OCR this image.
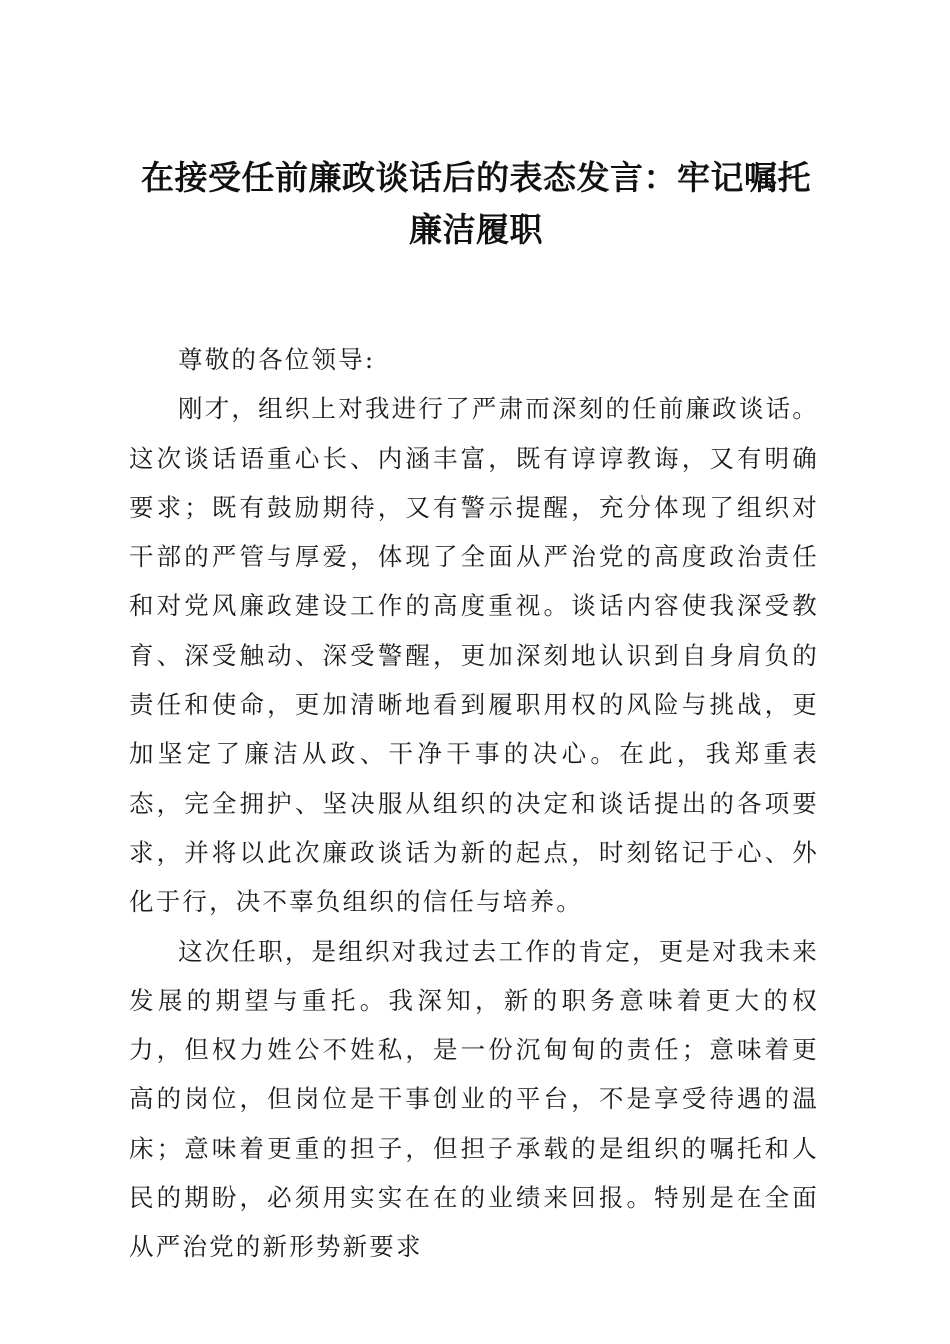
在接受任前廉政谈话后的表态发言：牢记嘱托
廉洁履职

尊敬的各位领导:

刚才，组织上对我进行了严肃而深刻的任前廉政谈话。这次谈话语重心长、内涵丰富，既有谆谆教诲，又有明确要求；既有鼓励期待，又有警示提醒，充分体现了组织对干部的严管与厚爱，体现了全面从严治党的高度政治责任和对党风廉政建设工作的高度重视。谈话内容使我深受教育、深受触动、深受警醒，更加深刻地认识到自身肩负的责任和使命，更加清晰地看到履职用权的风险与挑战，更加坚定了廉洁从政、干净干事的决心。在此，我郑重表态，完全拥护、坚决服从组织的决定和谈话提出的各项要求，并将以此次廉政谈话为新的起点，时刻铭记于心、外化于行，决不辜负组织的信任与培养。

这次任职，是组织对我过去工作的肯定，更是对我未来发展的期望与重托。我深知，新的职务意味着更大的权力，但权力姓公不姓私，是一份沉甸甸的责任；意味着更高的岗位，但岗位是干事创业的平台，不是享受待遇的温床；意味着更重的担子，但担子承载的是组织的嘱托和人民的期盼，必须用实实在在的业绩来回报。特别是在全面从严治党的新形势新要求
